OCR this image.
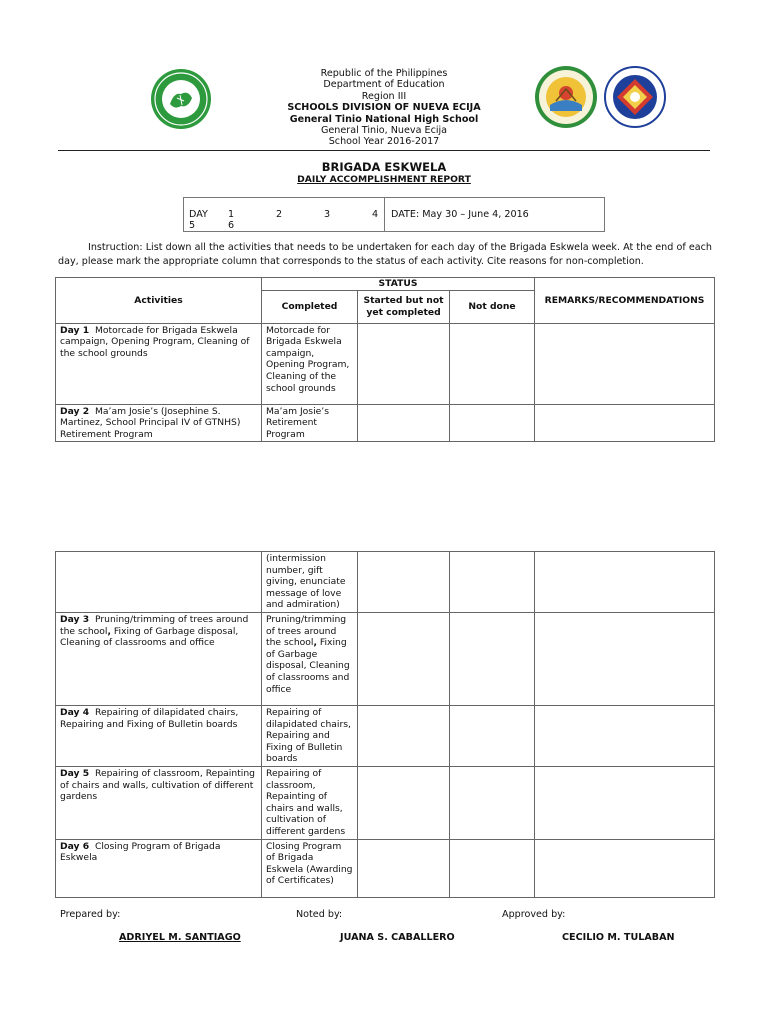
Republic of the Philippines
Department of Education
Region III
SCHOOLS DIVISION OF NUEVA ECIJA
General Tinio National High School
General Tinio, Nueva Ecija
School Year 2016-2017
BRIGADA ESKWELA
DAILY ACCOMPLISHMENT REPORT
DAY 1	2	3	4
5	6
DATE: May 30 – June 4, 2016
Instruction: List down all the activities that needs to be undertaken for each day of the Brigada Eskwela week. At the end of each day, please mark the appropriate column that corresponds to the status of each activity. Cite reasons for non-completion.
Activities	STATUS			REMARKS/RECOMMENDATIONS
	Completed	Started but not yet completed	Not done	
Day 1 Motorcade for Brigada Eskwela campaign, Opening Program, Cleaning of the school grounds	Motorcade for Brigada Eskwela campaign, Opening Program, Cleaning of the school grounds			
Day 2 Ma’am Josie’s (Josephine S. Martinez, School Principal IV of GTNHS) Retirement Program	Ma’am Josie’s Retirement Program			
	(intermission number, gift giving, enunciate message of love and admiration)			
Day 3 Pruning/trimming of trees around the school, Fixing of Garbage disposal, Cleaning of classrooms and office	Pruning/trimming of trees around the school, Fixing of Garbage disposal, Cleaning of classrooms and office			
Day 4 Repairing of dilapidated chairs, Repairing and Fixing of Bulletin boards	Repairing of dilapidated chairs, Repairing and Fixing of Bulletin boards			
Day 5 Repairing of classroom, Repainting of chairs and walls, cultivation of different gardens	Repairing of classroom, Repainting of chairs and walls, cultivation of different gardens			
Day 6 Closing Program of Brigada Eskwela	Closing Program of Brigada Eskwela (Awarding of Certificates)			
Prepared by:	Noted by:	Approved by:
ADRIYEL M. SANTIAGO	JUANA S. CABALLERO	CECILIO M. TULABAN
